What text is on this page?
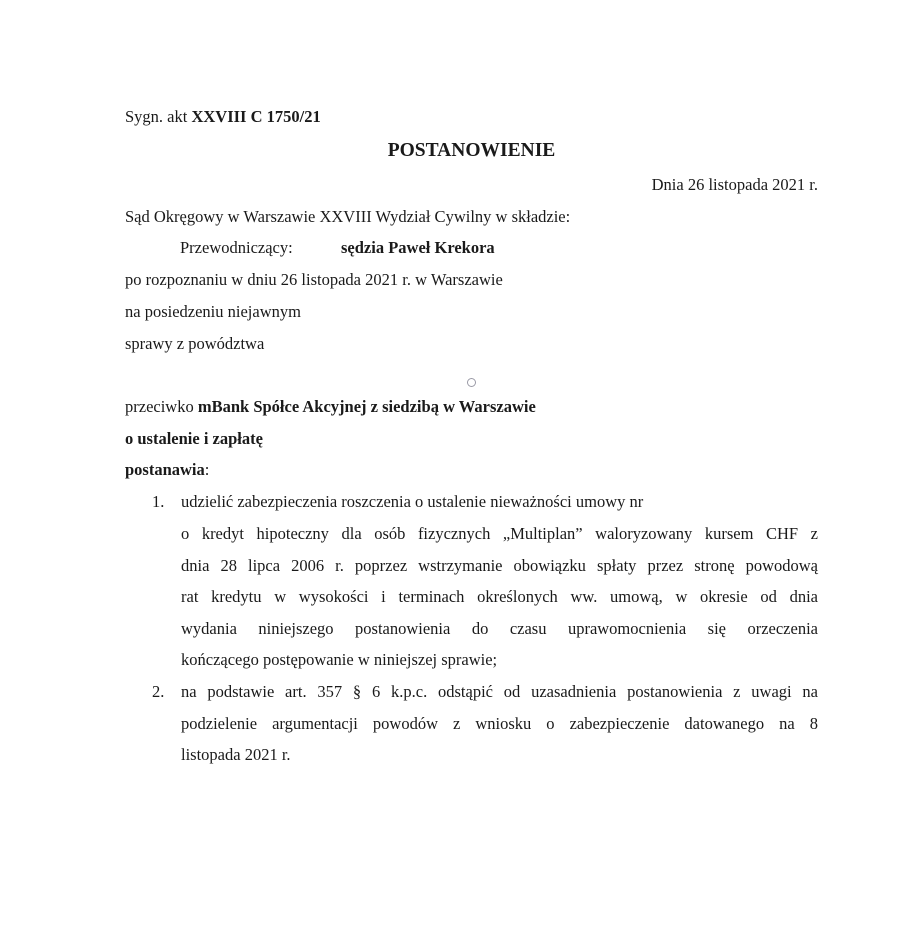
Sygn. akt XXVIII C 1750/21
POSTANOWIENIE
Dnia 26 listopada 2021 r.
Sąd Okręgowy w Warszawie XXVIII Wydział Cywilny w składzie:
Przewodniczący:	sędzia Paweł Krekora
po rozpoznaniu w dniu 26 listopada 2021 r. w Warszawie
na posiedzeniu niejawnym
sprawy z powództwa
przeciwko mBank Spółce Akcyjnej z siedzibą w Warszawie
o ustalenie i zapłatę
postanawia:
1. udzielić zabezpieczenia roszczenia o ustalenie nieważności umowy nr
o kredyt hipoteczny dla osób fizycznych „Multiplan” waloryzowany kursem CHF z
dnia 28 lipca 2006 r. poprzez wstrzymanie obowiązku spłaty przez stronę powodową
rat kredytu w wysokości i terminach określonych ww. umową, w okresie od dnia
wydania niniejszego postanowienia do czasu uprawomocnienia się orzeczenia
kończącego postępowanie w niniejszej sprawie;
2. na podstawie art. 357 § 6 k.p.c. odstąpić od uzasadnienia postanowienia z uwagi na
podzielenie argumentacji powodów z wniosku o zabezpieczenie datowanego na 8
listopada 2021 r.
